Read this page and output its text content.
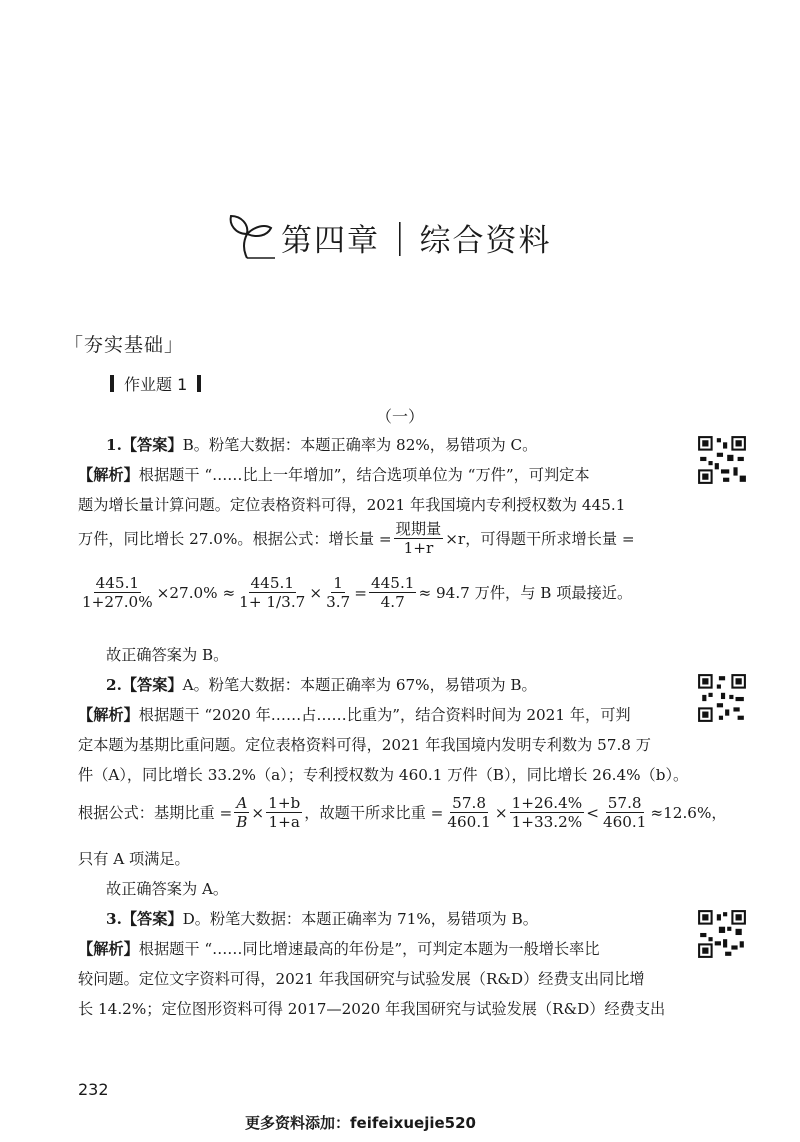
第四章 | 综合资料
「夯实基础」
作业题 1
（一）
1.【答案】B。粉笔大数据：本题正确率为 82%，易错项为 C。
【解析】根据题干 “……比上一年增加”，结合选项单位为 “万件”，可判定本
题为增长量计算问题。定位表格资料可得，2021 年我国境内专利授权数为 445.1
万件，同比增长 27.0%。根据公式：增长量 = $\frac{\text{现期量}}{1+r} \times r$，可得题干所求增长量 =
$\frac{445.1}{1+27.0\%} \times 27.0\% \approx \frac{445.1}{1+ 1/3.7} \times \frac{1}{3.7} = \frac{445.1}{4.7} \approx 94.7$ 万件，与 B 项最接近。
故正确答案为 B。
2.【答案】A。粉笔大数据：本题正确率为 67%，易错项为 B。
【解析】根据题干 “2020 年……占……比重为”，结合资料时间为 2021 年，可判
定本题为基期比重问题。定位表格资料可得，2021 年我国境内发明专利数为 57.8 万
件（A），同比增长 33.2%（a）；专利授权数为 460.1 万件（B），同比增长 26.4%（b）。
根据公式：基期比重 = $\frac{A}{B} \times \frac{1+b}{1+a}$ ，故题干所求比重 = $\frac{57.8}{460.1} \times \frac{1+26.4\%}{1+33.2\%} < \frac{57.8}{460.1} \approx 12.6\%$，
只有 A 项满足。
故正确答案为 A。
3.【答案】D。粉笔大数据：本题正确率为 71%，易错项为 B。
【解析】根据题干 “……同比增速最高的年份是”，可判定本题为一般增长率比
较问题。定位文字资料可得，2021 年我国研究与试验发展（R&D）经费支出同比增
长 14.2%；定位图形资料可得 2017—2020 年我国研究与试验发展（R&D）经费支出
232
更多资料添加：feifeixuejie520
